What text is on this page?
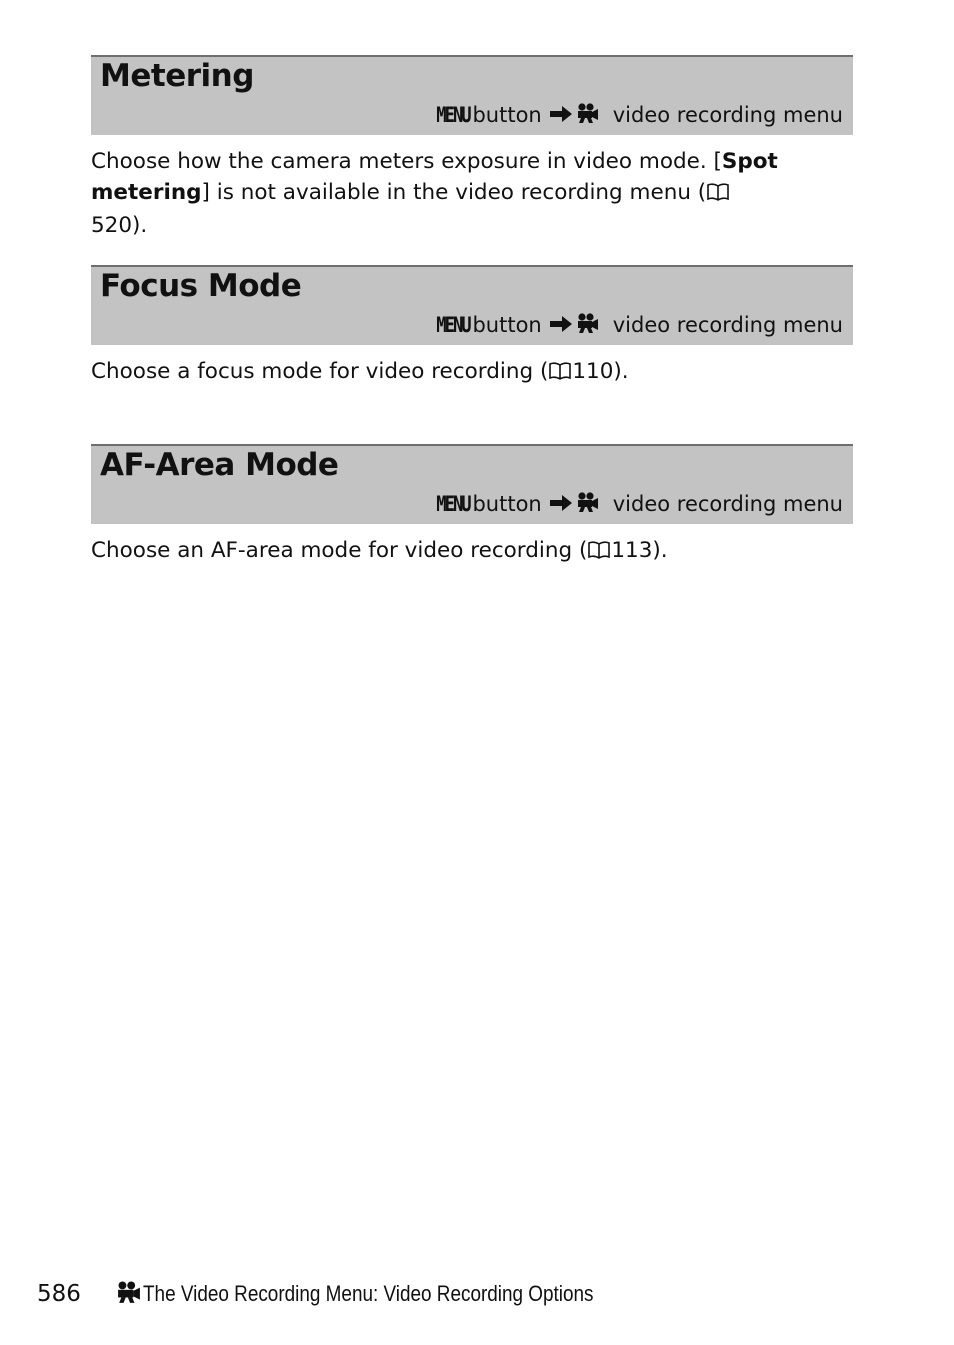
Metering
MENU button	video recording menu

Choose how the camera meters exposure in video mode. [Spot metering] is not available in the video recording menu (520).

Focus Mode
MENU button	video recording menu

Choose a focus mode for video recording ( 110).

AF-Area Mode
MENU button	video recording menu

Choose an AF-area mode for video recording ( 113).

586	The Video Recording Menu: Video Recording Options
